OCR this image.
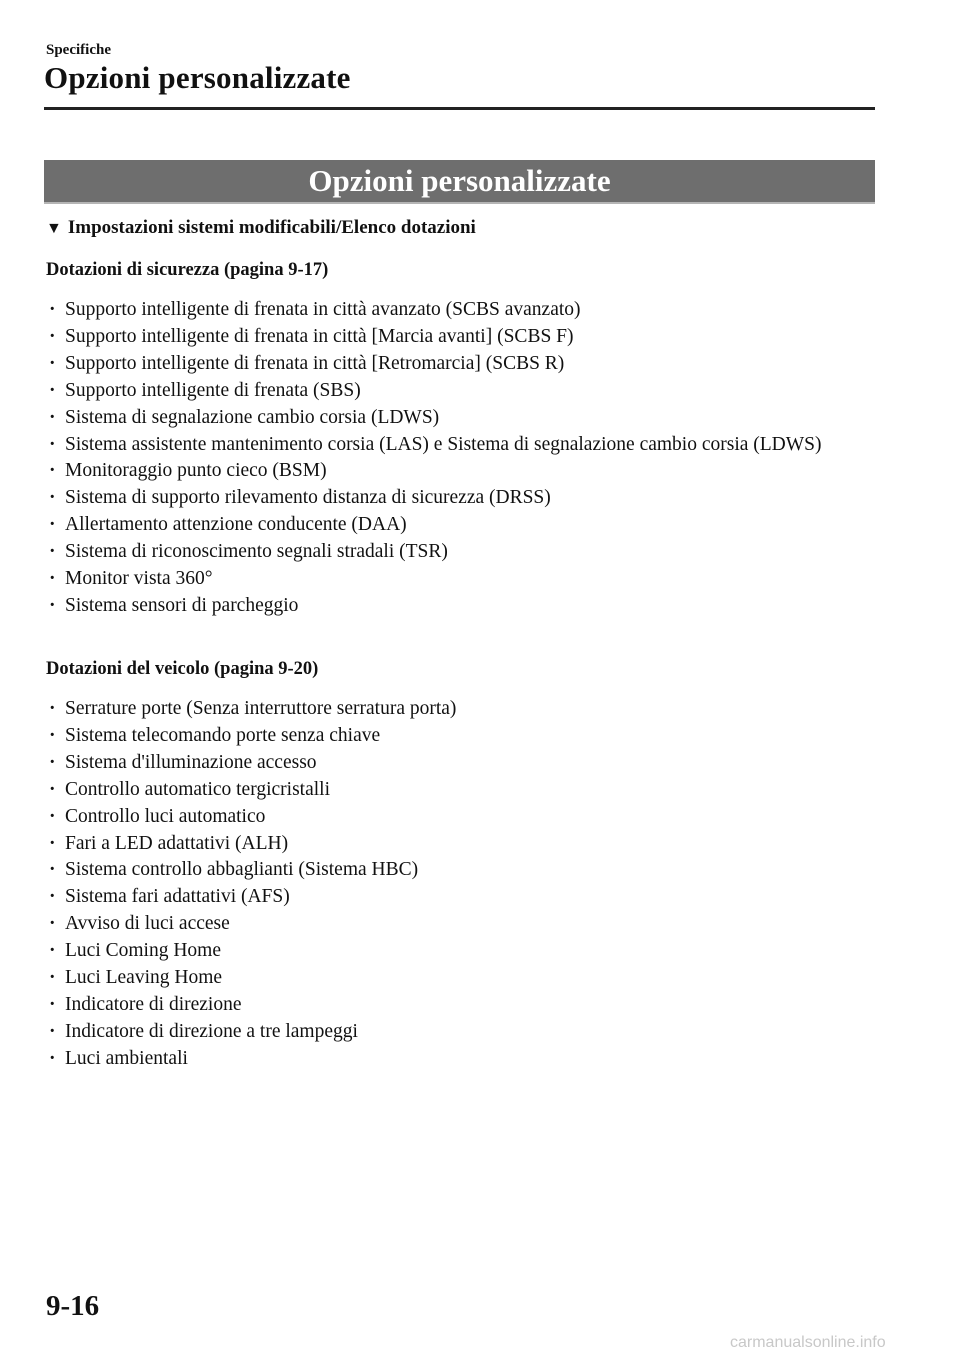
Specifiche
Opzioni personalizzate
Opzioni personalizzate
▼ Impostazioni sistemi modificabili/Elenco dotazioni
Dotazioni di sicurezza (pagina 9-17)
· Supporto intelligente di frenata in città avanzato (SCBS avanzato)
· Supporto intelligente di frenata in città [Marcia avanti] (SCBS F)
· Supporto intelligente di frenata in città [Retromarcia] (SCBS R)
· Supporto intelligente di frenata (SBS)
· Sistema di segnalazione cambio corsia (LDWS)
· Sistema assistente mantenimento corsia (LAS) e Sistema di segnalazione cambio corsia (LDWS)
· Monitoraggio punto cieco (BSM)
· Sistema di supporto rilevamento distanza di sicurezza (DRSS)
· Allertamento attenzione conducente (DAA)
· Sistema di riconoscimento segnali stradali (TSR)
· Monitor vista 360°
· Sistema sensori di parcheggio
Dotazioni del veicolo (pagina 9-20)
· Serrature porte (Senza interruttore serratura porta)
· Sistema telecomando porte senza chiave
· Sistema d'illuminazione accesso
· Controllo automatico tergicristalli
· Controllo luci automatico
· Fari a LED adattativi (ALH)
· Sistema controllo abbaglianti (Sistema HBC)
· Sistema fari adattativi (AFS)
· Avviso di luci accese
· Luci Coming Home
· Luci Leaving Home
· Indicatore di direzione
· Indicatore di direzione a tre lampeggi
· Luci ambientali
9-16
carmanualsonline.info
